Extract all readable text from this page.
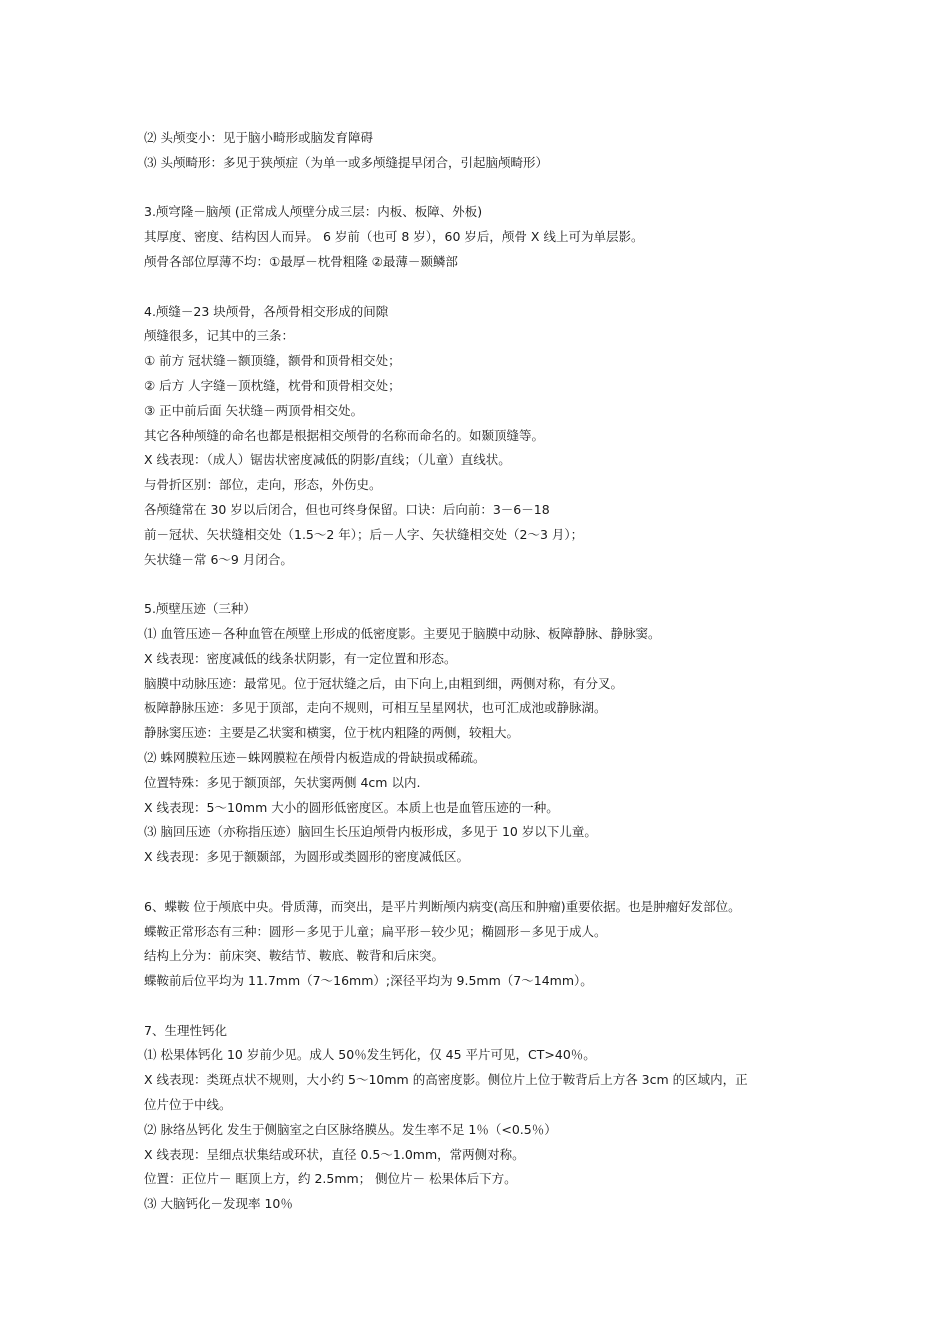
⑵ 头颅变小：见于脑小畸形或脑发育障碍
⑶ 头颅畸形：多见于狭颅症（为单一或多颅缝提早闭合，引起脑颅畸形）
3.颅穹隆－脑颅 (正常成人颅壁分成三层：内板、板障、外板)
其厚度、密度、结构因人而异。 6 岁前（也可 8 岁），60 岁后，颅骨 X 线上可为单层影。
颅骨各部位厚薄不均：①最厚－枕骨粗隆 ②最薄－颞鳞部
4.颅缝－23 块颅骨，各颅骨相交形成的间隙
颅缝很多，记其中的三条：
① 前方 冠状缝－额顶缝，额骨和顶骨相交处；
② 后方 人字缝－顶枕缝，枕骨和顶骨相交处；
③ 正中前后面 矢状缝－两顶骨相交处。
其它各种颅缝的命名也都是根据相交颅骨的名称而命名的。如颞顶缝等。
X 线表现：（成人）锯齿状密度减低的阴影/直线；（儿童）直线状。
与骨折区别：部位，走向，形态，外伤史。
各颅缝常在 30 岁以后闭合，但也可终身保留。口诀：后向前：3－6－18
前－冠状、矢状缝相交处（1.5～2 年）；后－人字、矢状缝相交处（2～3 月）；
矢状缝－常 6～9 月闭合。
5.颅壁压迹（三种）
⑴ 血管压迹－各种血管在颅壁上形成的低密度影。主要见于脑膜中动脉、板障静脉、静脉窦。
X 线表现：密度减低的线条状阴影，有一定位置和形态。
脑膜中动脉压迹：最常见。位于冠状缝之后，由下向上,由粗到细，两侧对称，有分叉。
板障静脉压迹：多见于顶部，走向不规则，可相互呈星网状，也可汇成池或静脉湖。
静脉窦压迹：主要是乙状窦和横窦，位于枕内粗隆的两侧，较粗大。
⑵ 蛛网膜粒压迹－蛛网膜粒在颅骨内板造成的骨缺损或稀疏。
位置特殊：多见于额顶部，矢状窦两侧 4cm 以内.
X 线表现：5～10mm 大小的圆形低密度区。本质上也是血管压迹的一种。
⑶ 脑回压迹（亦称指压迹）脑回生长压迫颅骨内板形成，多见于 10 岁以下儿童。
X 线表现：多见于额颞部，为圆形或类圆形的密度减低区。
6、蝶鞍 位于颅底中央。骨质薄，而突出，是平片判断颅内病变(高压和肿瘤)重要依据。也是肿瘤好发部位。
蝶鞍正常形态有三种：圆形－多见于儿童；扁平形－较少见；椭圆形－多见于成人。
结构上分为：前床突、鞍结节、鞍底、鞍背和后床突。
蝶鞍前后位平均为 11.7mm（7～16mm）;深径平均为 9.5mm（7～14mm）。
7、生理性钙化
⑴ 松果体钙化 10 岁前少见。成人 50％发生钙化，仅 45 平片可见，CT>40％。
X 线表现：类斑点状不规则，大小约 5～10mm 的高密度影。侧位片上位于鞍背后上方各 3cm 的区域内，正
位片位于中线。
⑵ 脉络丛钙化 发生于侧脑室之白区脉络膜丛。发生率不足 1％（<0.5％）
X 线表现：呈细点状集结或环状，直径 0.5～1.0mm，常两侧对称。
位置：正位片－ 眶顶上方，约 2.5mm； 侧位片－ 松果体后下方。
⑶ 大脑钙化－发现率 10％
